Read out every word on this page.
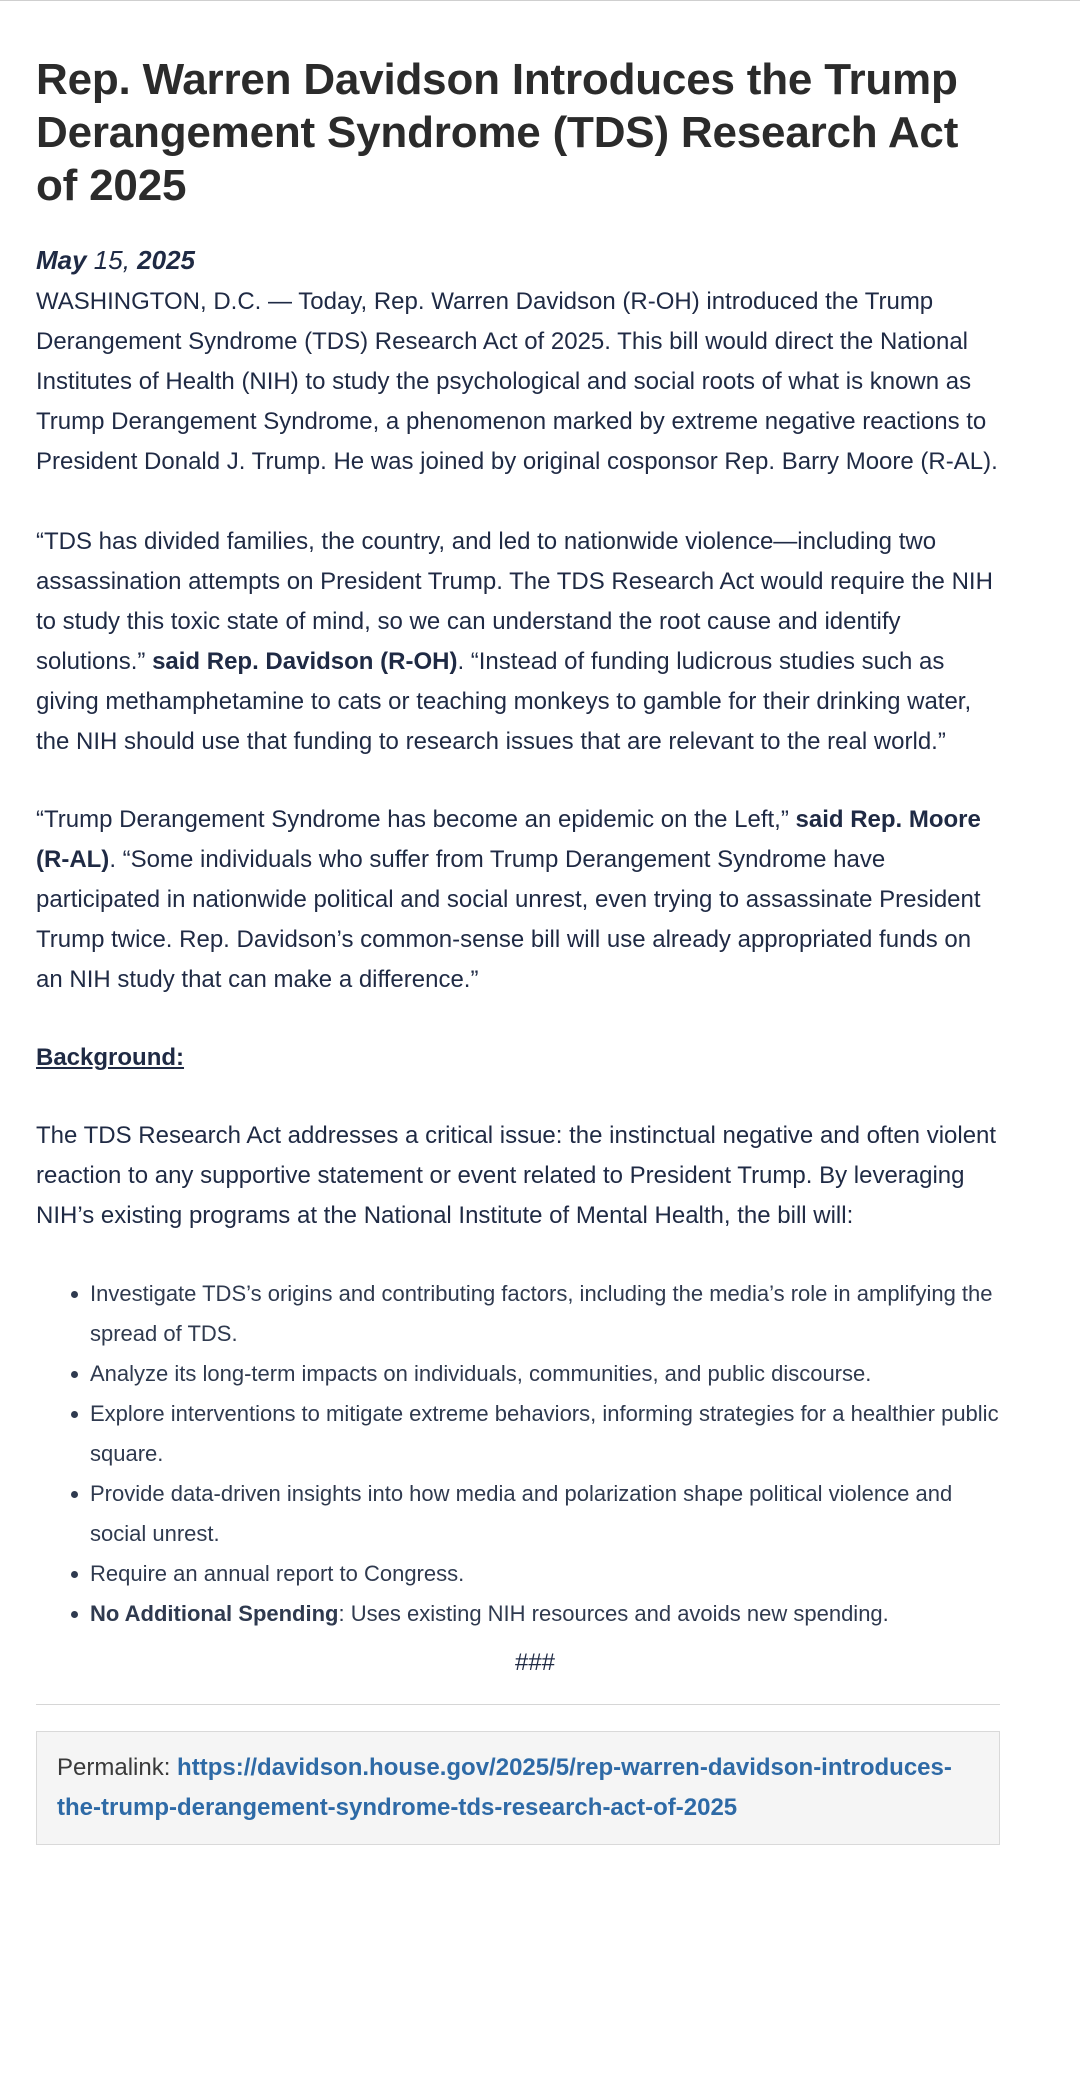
Rep. Warren Davidson Introduces the Trump Derangement Syndrome (TDS) Research Act of 2025
May 15, 2025

WASHINGTON, D.C. — Today, Rep. Warren Davidson (R-OH) introduced the Trump Derangement Syndrome (TDS) Research Act of 2025. This bill would direct the National Institutes of Health (NIH) to study the psychological and social roots of what is known as Trump Derangement Syndrome, a phenomenon marked by extreme negative reactions to President Donald J. Trump. He was joined by original cosponsor Rep. Barry Moore (R-AL).

“TDS has divided families, the country, and led to nationwide violence—including two assassination attempts on President Trump. The TDS Research Act would require the NIH to study this toxic state of mind, so we can understand the root cause and identify solutions.” said Rep. Davidson (R-OH). “Instead of funding ludicrous studies such as giving methamphetamine to cats or teaching monkeys to gamble for their drinking water, the NIH should use that funding to research issues that are relevant to the real world.”

“Trump Derangement Syndrome has become an epidemic on the Left,” said Rep. Moore (R-AL). “Some individuals who suffer from Trump Derangement Syndrome have participated in nationwide political and social unrest, even trying to assassinate President Trump twice. Rep. Davidson’s common-sense bill will use already appropriated funds on an NIH study that can make a difference.”

Background:

The TDS Research Act addresses a critical issue: the instinctual negative and often violent reaction to any supportive statement or event related to President Trump. By leveraging NIH’s existing programs at the National Institute of Mental Health, the bill will:

Investigate TDS’s origins and contributing factors, including the media’s role in amplifying the spread of TDS.
Analyze its long-term impacts on individuals, communities, and public discourse.
Explore interventions to mitigate extreme behaviors, informing strategies for a healthier public square.
Provide data-driven insights into how media and polarization shape political violence and social unrest.
Require an annual report to Congress.
No Additional Spending: Uses existing NIH resources and avoids new spending.
###
Permalink: https://davidson.house.gov/2025/5/rep-warren-davidson-introduces-the-trump-derangement-syndrome-tds-research-act-of-2025
